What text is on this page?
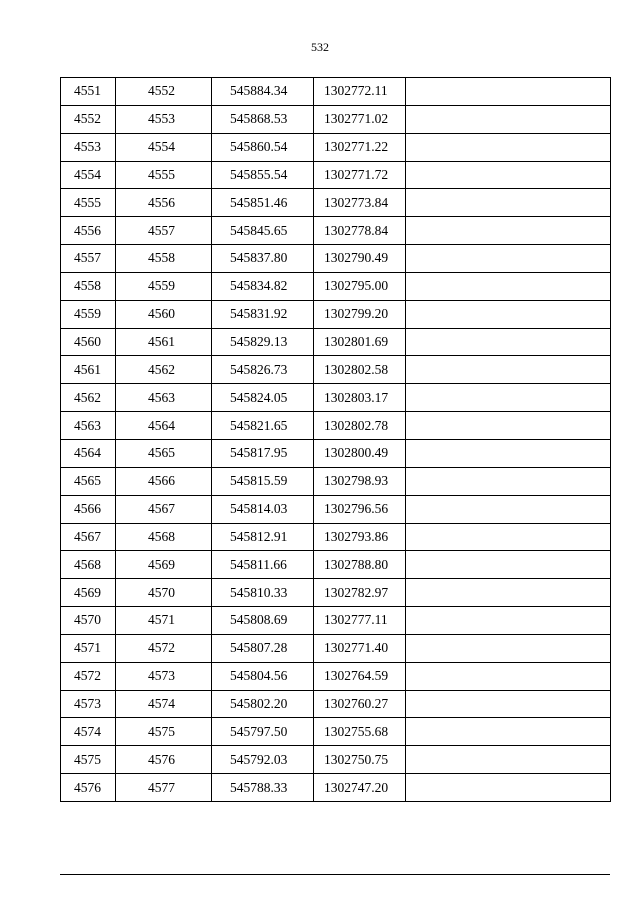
532
4551	4552	545884.34	1302772.11	
4552	4553	545868.53	1302771.02	
4553	4554	545860.54	1302771.22	
4554	4555	545855.54	1302771.72	
4555	4556	545851.46	1302773.84	
4556	4557	545845.65	1302778.84	
4557	4558	545837.80	1302790.49	
4558	4559	545834.82	1302795.00	
4559	4560	545831.92	1302799.20	
4560	4561	545829.13	1302801.69	
4561	4562	545826.73	1302802.58	
4562	4563	545824.05	1302803.17	
4563	4564	545821.65	1302802.78	
4564	4565	545817.95	1302800.49	
4565	4566	545815.59	1302798.93	
4566	4567	545814.03	1302796.56	
4567	4568	545812.91	1302793.86	
4568	4569	545811.66	1302788.80	
4569	4570	545810.33	1302782.97	
4570	4571	545808.69	1302777.11	
4571	4572	545807.28	1302771.40	
4572	4573	545804.56	1302764.59	
4573	4574	545802.20	1302760.27	
4574	4575	545797.50	1302755.68	
4575	4576	545792.03	1302750.75	
4576	4577	545788.33	1302747.20	
